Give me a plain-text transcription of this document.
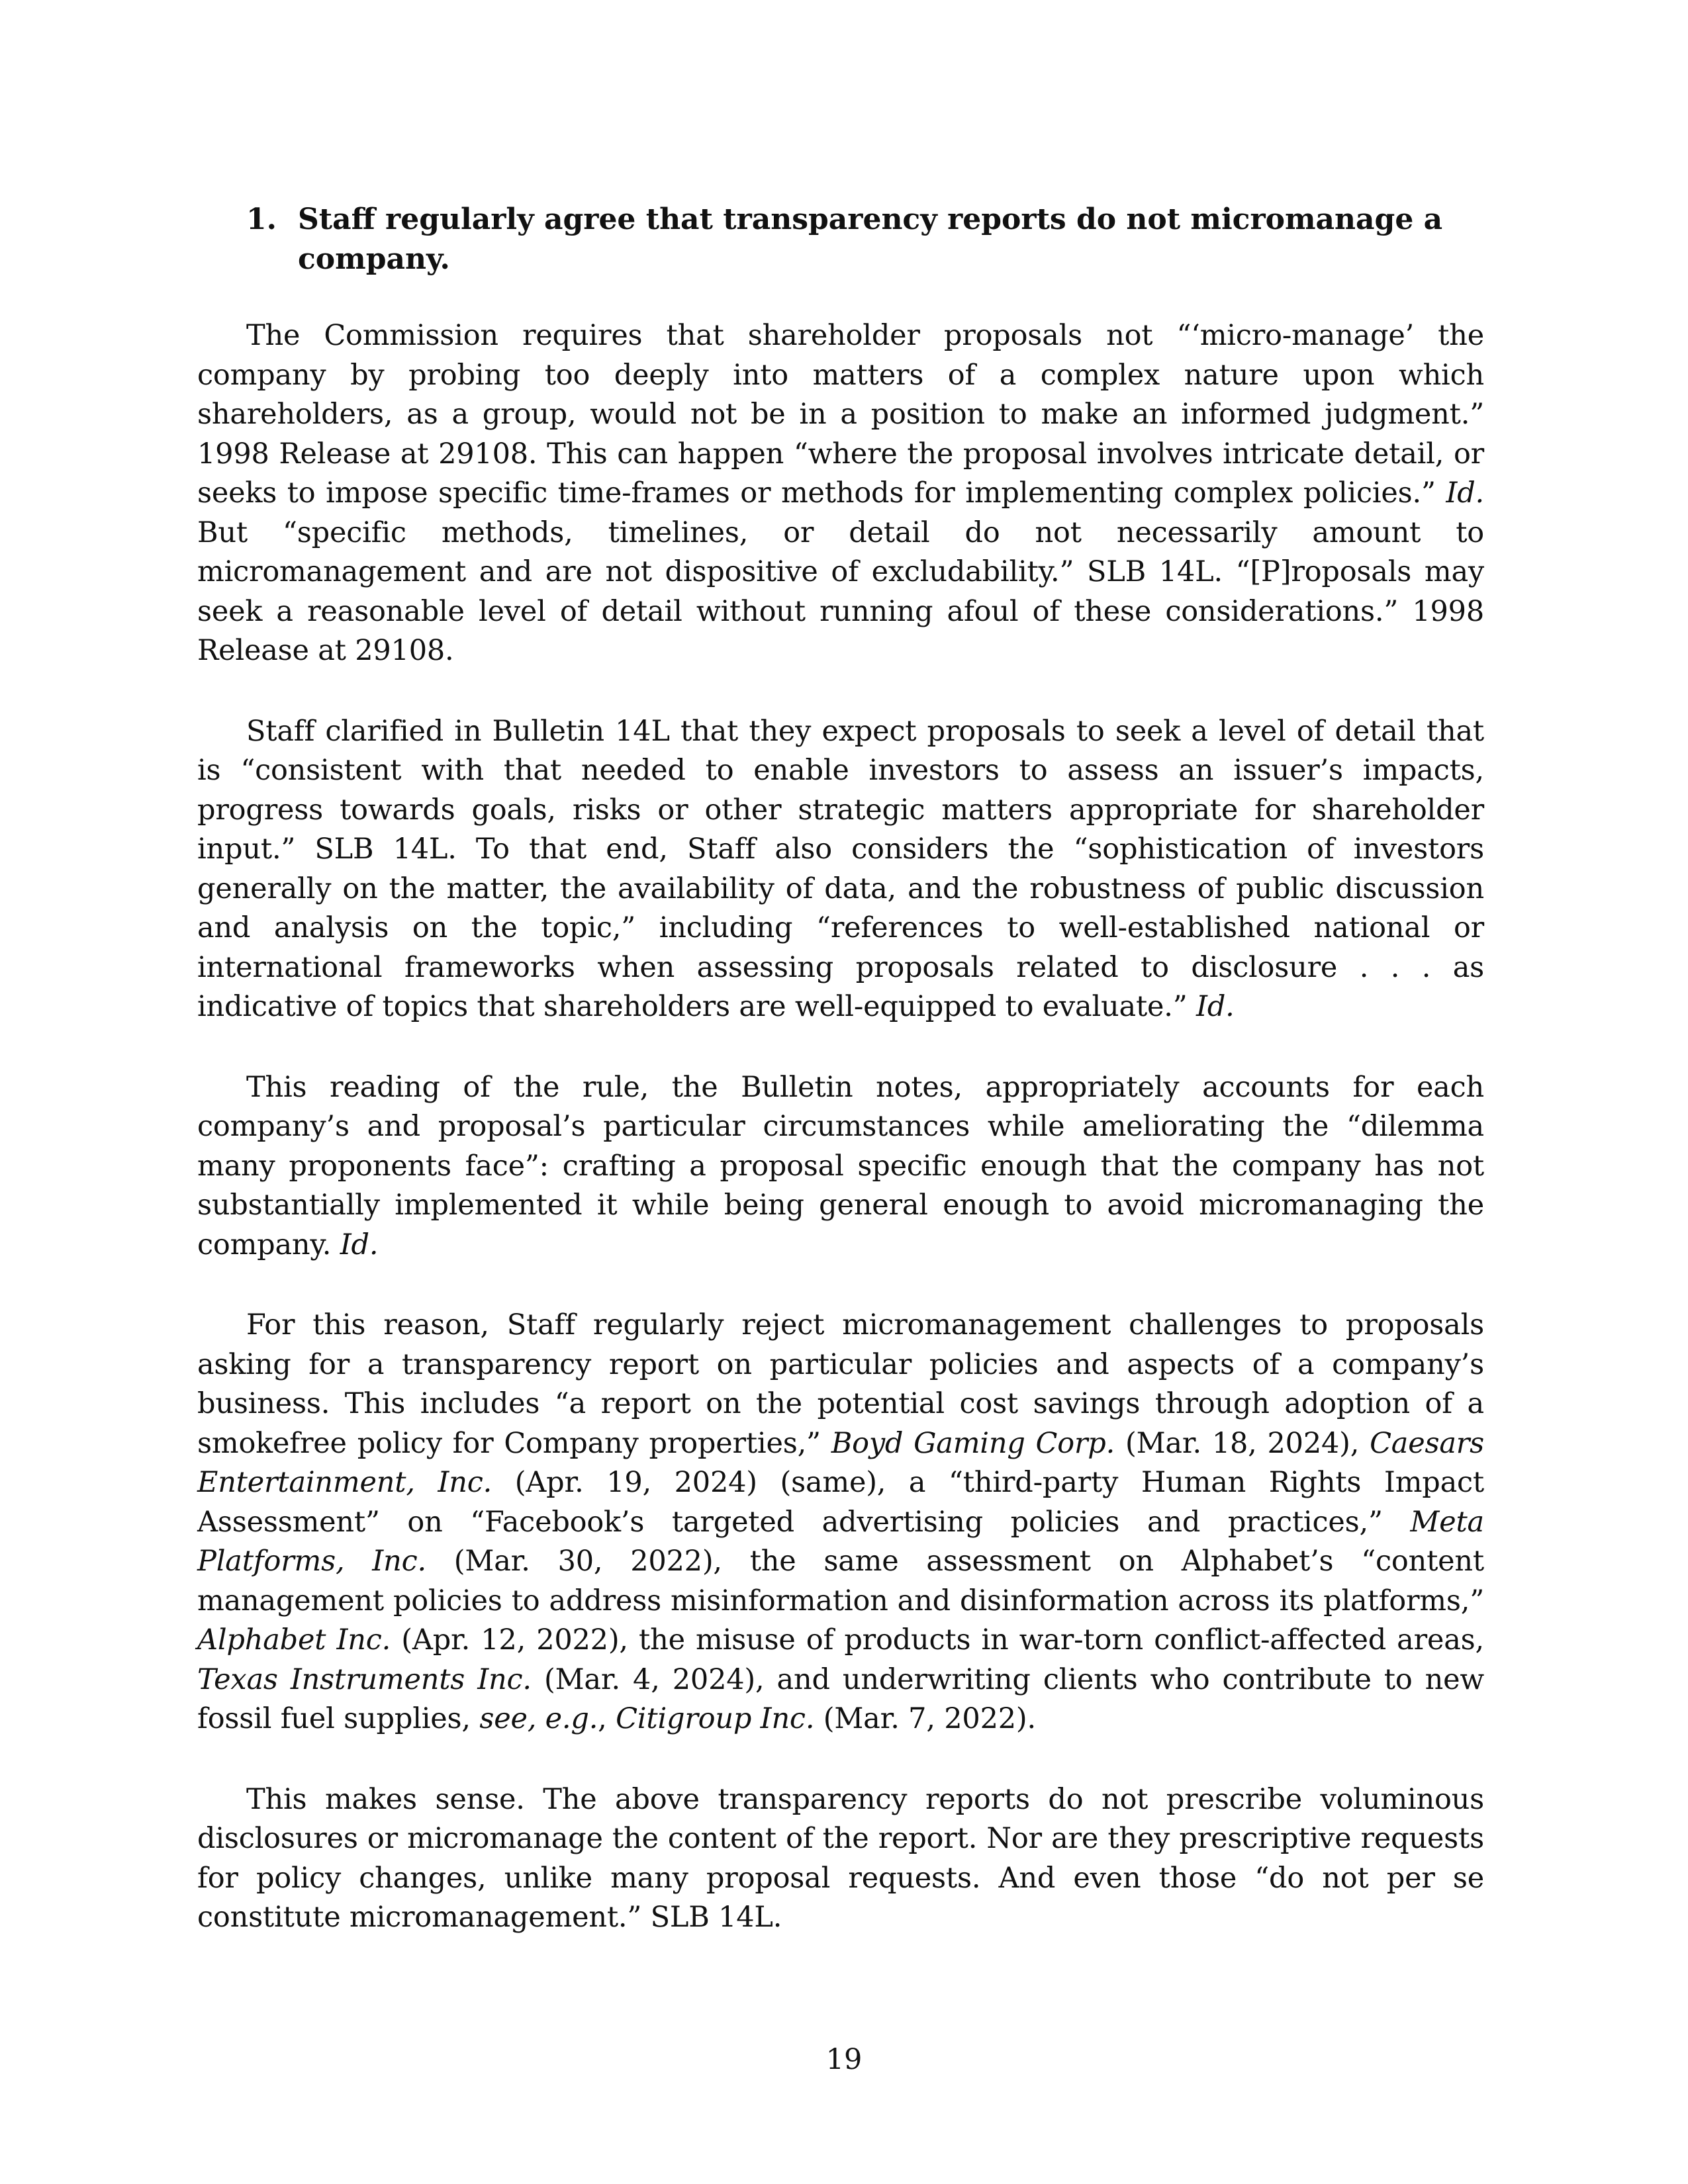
1. Staff regularly agree that transparency reports do not micromanage a company.

The Commission requires that shareholder proposals not “‘micro-manage’ the company by probing too deeply into matters of a complex nature upon which shareholders, as a group, would not be in a position to make an informed judgment.” 1998 Release at 29108. This can happen “where the proposal involves intricate detail, or seeks to impose specific time-frames or methods for implementing complex policies.” Id. But “specific methods, timelines, or detail do not necessarily amount to micromanagement and are not dispositive of excludability.” SLB 14L. “[P]roposals may seek a reasonable level of detail without running afoul of these considerations.” 1998 Release at 29108.

Staff clarified in Bulletin 14L that they expect proposals to seek a level of detail that is “consistent with that needed to enable investors to assess an issuer’s impacts, progress towards goals, risks or other strategic matters appropriate for shareholder input.” SLB 14L. To that end, Staff also considers the “sophistication of investors generally on the matter, the availability of data, and the robustness of public discussion and analysis on the topic,” including “references to well-established national or international frameworks when assessing proposals related to disclosure . . . as indicative of topics that shareholders are well-equipped to evaluate.” Id.

This reading of the rule, the Bulletin notes, appropriately accounts for each company’s and proposal’s particular circumstances while ameliorating the “dilemma many proponents face”: crafting a proposal specific enough that the company has not substantially implemented it while being general enough to avoid micromanaging the company. Id.

For this reason, Staff regularly reject micromanagement challenges to proposals asking for a transparency report on particular policies and aspects of a company’s business. This includes “a report on the potential cost savings through adoption of a smokefree policy for Company properties,” Boyd Gaming Corp. (Mar. 18, 2024), Caesars Entertainment, Inc. (Apr. 19, 2024) (same), a “third-party Human Rights Impact Assessment” on “Facebook’s targeted advertising policies and practices,” Meta Platforms, Inc. (Mar. 30, 2022), the same assessment on Alphabet’s “content management policies to address misinformation and disinformation across its platforms,” Alphabet Inc. (Apr. 12, 2022), the misuse of products in war-torn conflict-affected areas, Texas Instruments Inc. (Mar. 4, 2024), and underwriting clients who contribute to new fossil fuel supplies, see, e.g., Citigroup Inc. (Mar. 7, 2022).

This makes sense. The above transparency reports do not prescribe voluminous disclosures or micromanage the content of the report. Nor are they prescriptive requests for policy changes, unlike many proposal requests. And even those “do not per se constitute micromanagement.” SLB 14L.

19
